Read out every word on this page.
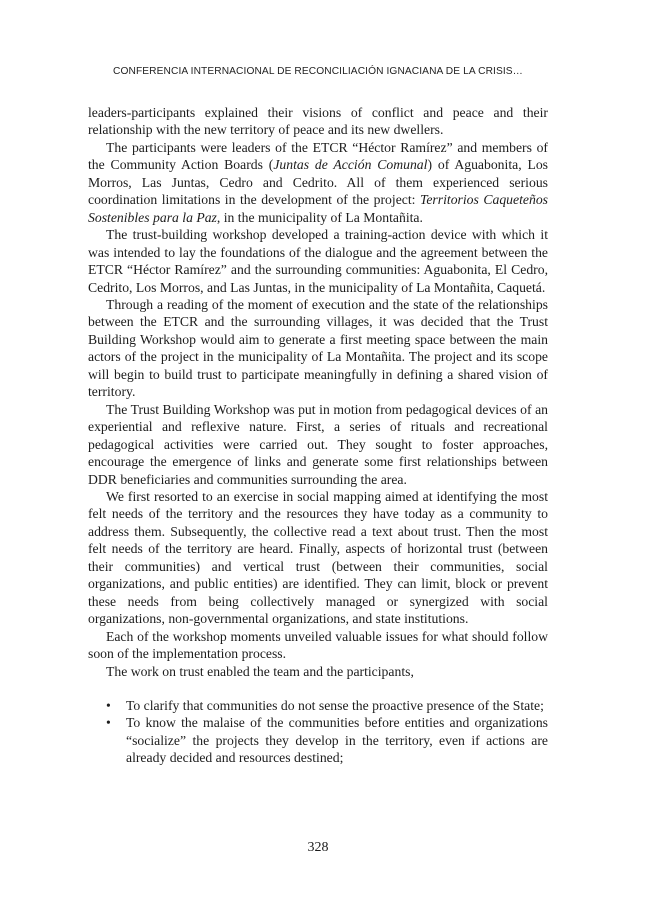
CONFERENCIA INTERNACIONAL DE RECONCILIACIÓN IGNACIANA DE LA CRISIS…

leaders-participants explained their visions of conflict and peace and their relationship with the new territory of peace and its new dwellers.

The participants were leaders of the ETCR “Héctor Ramírez” and members of the Community Action Boards (Juntas de Acción Comunal) of Aguabonita, Los Morros, Las Juntas, Cedro and Cedrito. All of them experienced serious coordination limitations in the development of the project: Territorios Caqueteños Sostenibles para la Paz, in the municipality of La Montañita.

The trust-building workshop developed a training-action device with which it was intended to lay the foundations of the dialogue and the agreement between the ETCR “Héctor Ramírez” and the surrounding communities: Aguabonita, El Cedro, Cedrito, Los Morros, and Las Juntas, in the municipality of La Montañita, Caquetá.

Through a reading of the moment of execution and the state of the relationships between the ETCR and the surrounding villages, it was decided that the Trust Building Workshop would aim to generate a first meeting space between the main actors of the project in the municipality of La Montañita. The project and its scope will begin to build trust to participate meaningfully in defining a shared vision of territory.

The Trust Building Workshop was put in motion from pedagogical devices of an experiential and reflexive nature. First, a series of rituals and recreational pedagogical activities were carried out. They sought to foster approaches, encourage the emergence of links and generate some first relationships between DDR beneficiaries and communities surrounding the area.

We first resorted to an exercise in social mapping aimed at identifying the most felt needs of the territory and the resources they have today as a community to address them. Subsequently, the collective read a text about trust. Then the most felt needs of the territory are heard. Finally, aspects of horizontal trust (between their communities) and vertical trust (between their communities, social organizations, and public entities) are identified. They can limit, block or prevent these needs from being collectively managed or synergized with social organizations, non-governmental organizations, and state institutions.

Each of the workshop moments unveiled valuable issues for what should follow soon of the implementation process.

The work on trust enabled the team and the participants,

• To clarify that communities do not sense the proactive presence of the State;
• To know the malaise of the communities before entities and organizations “socialize” the projects they develop in the territory, even if actions are already decided and resources destined;
328
